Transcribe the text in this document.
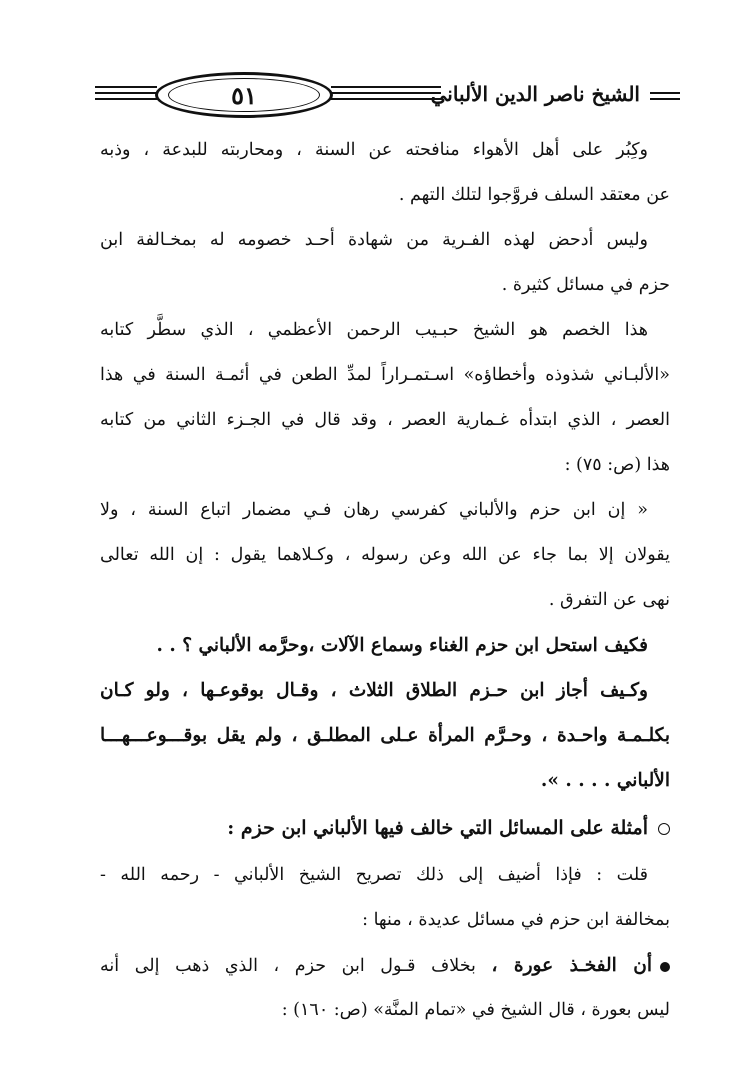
٥١	الشيخ ناصر الدين الألباني
وكِبُر على أهل الأهواء منافحته عن السنة ، ومحاربته للبدعة ، وذبه
عن معتقد السلف فروَّجوا لتلك التهم .
وليس أدحض لهذه الفـرية من شهادة أحـد خصومه له بمخـالفة ابن
حزم في مسائل كثيرة .
هذا الخصم هو الشيخ حبـيب الرحمن الأعظمي ، الذي سطَّر كتابه
«الألبـاني شذوذه وأخطاؤه» اسـتمـراراً لمدِّ الطعن في أئمـة السنة في هذا
العصر ، الذي ابتدأه غـمارية العصر ، وقد قال في الجـزء الثاني من كتابه
هذا (ص: ٧٥) :
« إن ابن حزم والألباني كفرسي رهان فـي مضمار اتباع السنة ، ولا
يقولان إلا بما جاء عن الله وعن رسوله ، وكـلاهما يقول : إن الله تعالى
نهى عن التفرق .
فكيف استحل ابن حزم الغناء وسماع الآلات ،وحرَّمه الألباني ؟ . .
وكـيف أجاز ابن حـزم الطلاق الثلاث ، وقـال بوقوعـها ، ولو كـان
بكلـمـة واحـدة ، وحـرَّم المرأة عـلى المطلـق ، ولم يقل بوقـــوعـــهـــا
الألباني . . . . ».
أمثلة على المسائل التي خالف فيها الألباني ابن حزم :
قلت : فإذا أضيف إلى ذلك تصريح الشيخ الألباني - رحمه الله -
بمخالفة ابن حزم في مسائل عديدة ، منها :
أن الفخـذ عورة ، بخلاف قـول ابن حزم ، الذي ذهب إلى أنه
ليس بعورة ، قال الشيخ في «تمام المنَّة» (ص: ١٦٠) :
